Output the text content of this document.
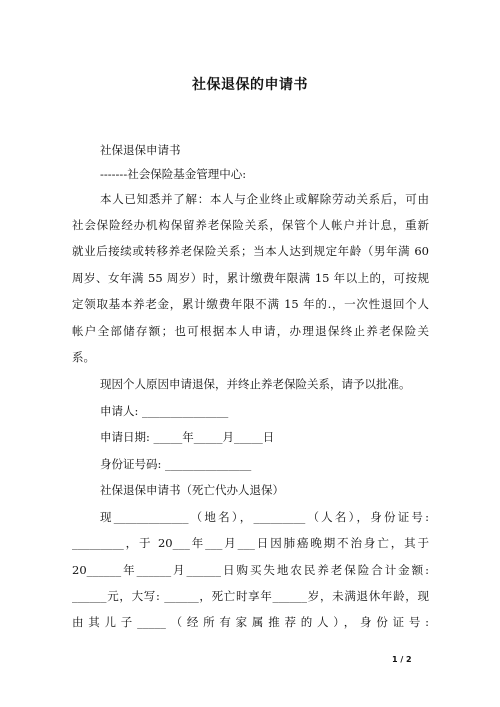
社保退保的申请书
社保退保申请书
-------社会保险基金管理中心:
本人已知悉并了解：本人与企业终止或解除劳动关系后，可由
社会保险经办机构保留养老保险关系，保管个人帐户并计息，重新
就业后接续或转移养老保险关系；当本人达到规定年龄（男年满 60
周岁、女年满 55 周岁）时，累计缴费年限满 15 年以上的，可按规
定领取基本养老金，累计缴费年限不满 15 年的.，一次性退回个人
帐户全部储存额；也可根据本人申请，办理退保终止养老保险关
系。
现因个人原因申请退保，并终止养老保险关系，请予以批准。
申请人: _______________
申请日期: _____年_____月_____日
身份证号码: _______________
社保退保申请书（死亡代办人退保）
现_____________（地名），_________（人名），身份证号:
_________，于 20___年___月___日因肺癌晚期不治身亡，其于
20______年______月______日购买失地农民养老保险合计金额:
______元，大写: ______，死亡时享年______岁，未满退休年龄，现
由其儿子_____（经所有家属推荐的人），身份证号:
1 / 2
